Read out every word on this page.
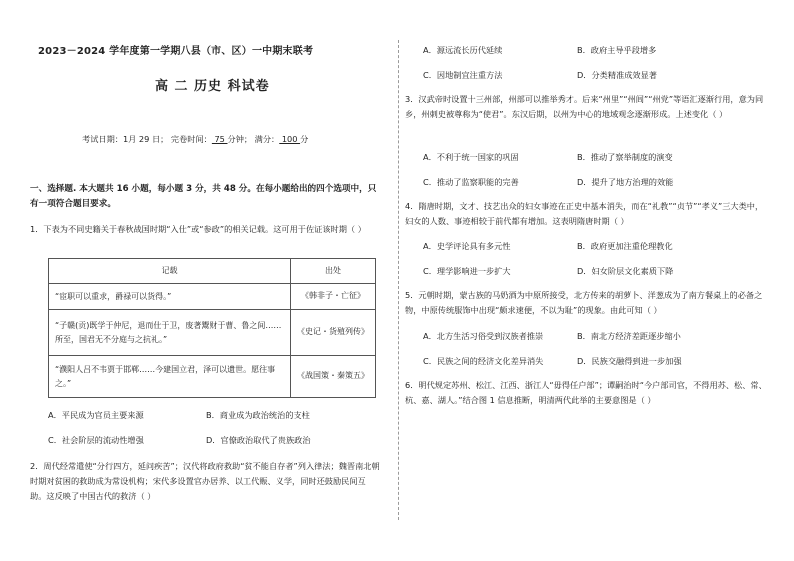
2023－2024 学年度第一学期八县（市、区）一中期末联考
高 二 历史 科试卷
考试日期：1月 29 日； 完卷时间： 75 分钟； 满分： 100 分
一、选择题. 本大题共 16 小题，每小题 3 分，共 48 分。在每小题给出的四个选项中，只有一项符合题目要求。
1．下表为不同史籍关于春秋战国时期“入仕”或“参政”的相关记载。这可用于佐证该时期（ ）
记载	出处
“宦职可以重求，爵禄可以货得。”	《韩非子・亡征》
“子赣(贡)既学于仲尼，退而仕于卫，废著鬻财于曹、鲁之间……所至，国君无不分庭与之抗礼。”	《史记・货殖列传》
“濮阳人吕不韦贾于邯郸……今建国立君，泽可以遗世。愿往事之。”	《战国策・秦策五》
A．平民成为官员主要来源	B．商业成为政治统治的支柱
C．社会阶层的流动性增强	D．官僚政治取代了贵族政治
2．周代经常遣使“分行四方，延问疾苦”；汉代将政府救助“贫不能自存者”列入律法；魏晋南北朝时期对贫困的救助成为常设机构；宋代多设置官办居养、以工代赈、义学，同时还鼓励民间互助。这反映了中国古代的救济（ ）
A．源远流长历代延续	B．政府主导乎段增多
C．因地制宜注重方法	D．分类精准成效显著
3．汉武帝时设置十三州部，州部可以推举秀才。后来“州里”“州闾”“州党”等语汇逐渐行用，意为同乡，州刺史被尊称为“使君”。东汉后期，以州为中心的地域观念逐渐形成。上述变化（ ）
A．不利于统一国家的巩固	B．推动了察举制度的演变
C．推动了监察职能的完善	D．提升了地方治理的效能
4．隋唐时期，文才、技艺出众的妇女事迹在正史中基本消失，而在“礼教”“贞节”“孝义”三大类中，妇女的人数、事迹相较于前代都有增加。这表明隋唐时期（ ）
A．史学评论具有多元性	B．政府更加注重伦理教化
C．理学影响进一步扩大	D．妇女阶层文化素质下降
5．元朝时期，蒙古族的马奶酒为中原所接受，北方传来的胡萝卜、洋葱成为了南方餐桌上的必备之物，中原传统服饰中出现“颇求速便，不以为耻”的现象。由此可知（ ）
A．北方生活习俗受到汉族者推崇	B．南北方经济差距逐步缩小
C．民族之间的经济文化差异消失	D．民族交融得到进一步加强
6．明代规定苏州、松江、江西、浙江人“毋得任户部”；谭嗣治时“今户部司官，不得用苏、松、常、杭、嘉、湖人。”结合图 1 信息推断，明清两代此举的主要意图是（ ）
